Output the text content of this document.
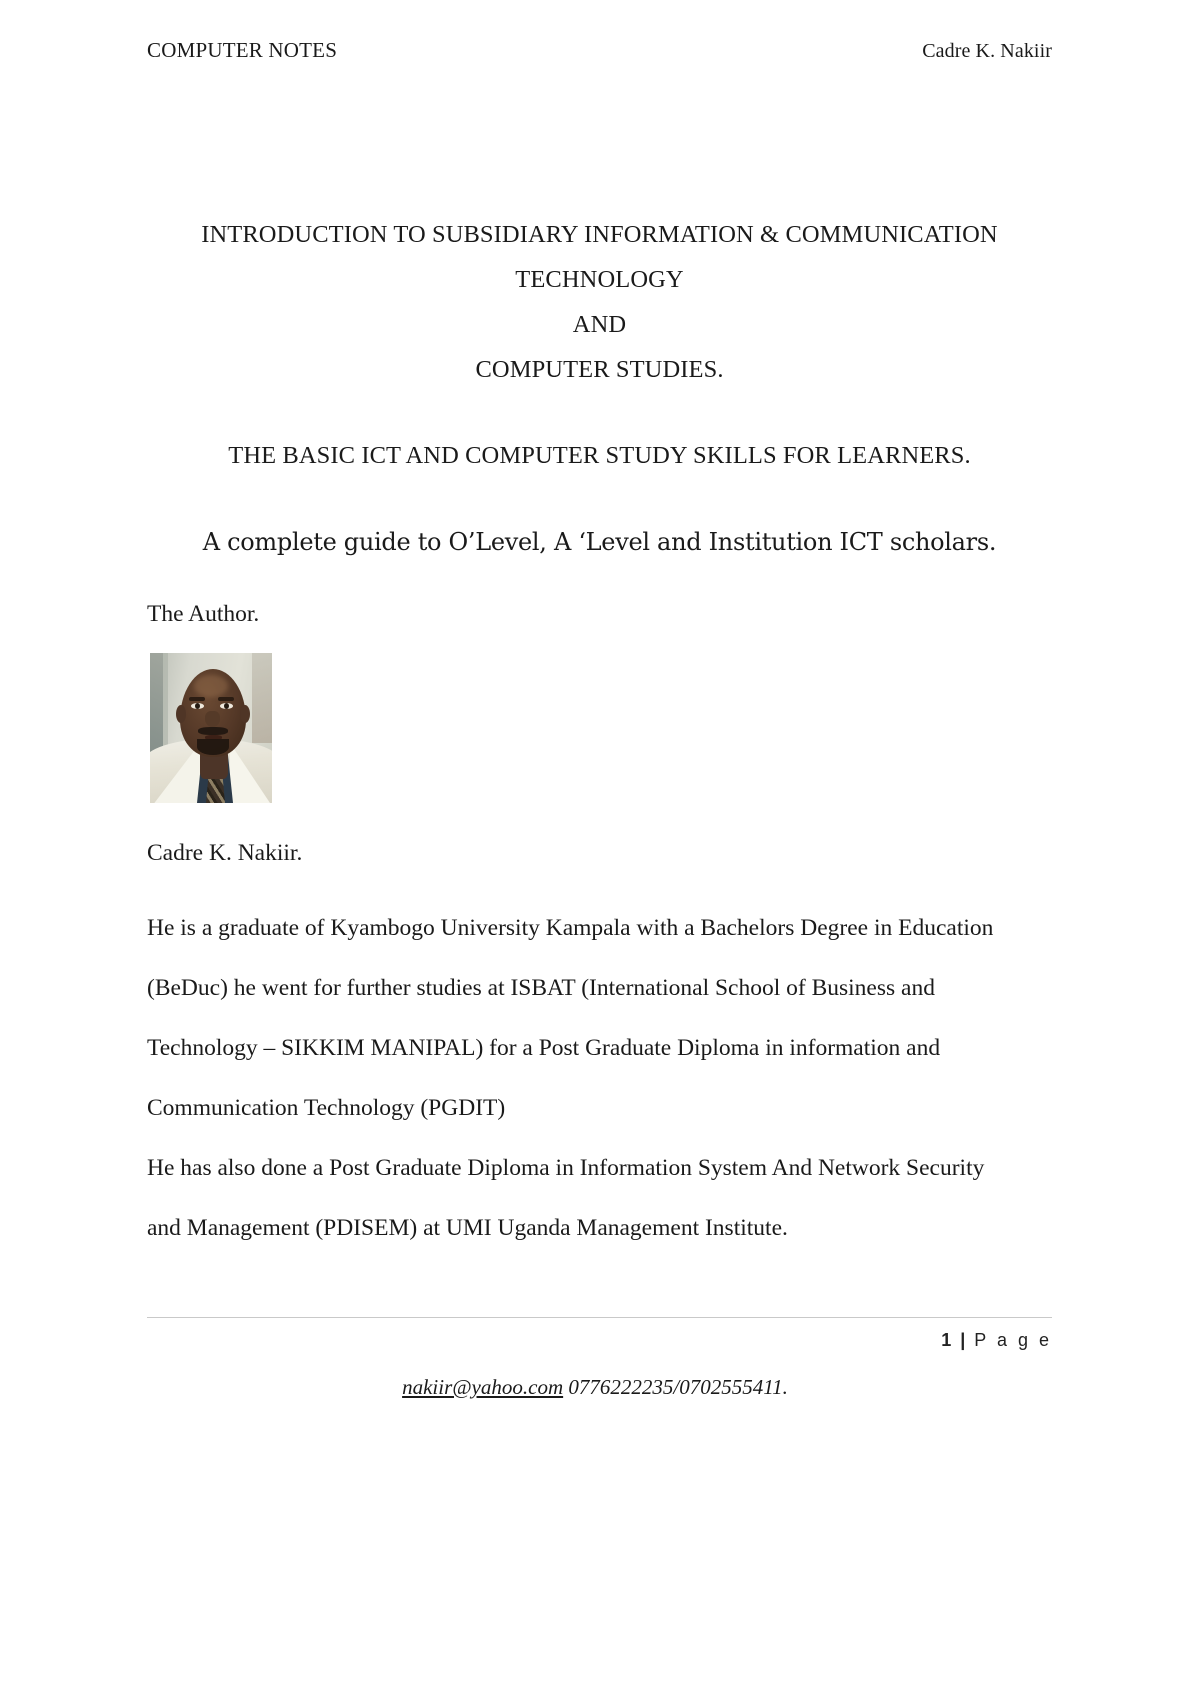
COMPUTER NOTES	Cadre K. Nakiir
INTRODUCTION TO SUBSIDIARY INFORMATION & COMMUNICATION
TECHNOLOGY
AND
COMPUTER STUDIES.
THE BASIC ICT AND COMPUTER STUDY SKILLS FOR LEARNERS.
A complete guide to O’Level, A ‘Level and Institution ICT scholars.
The Author.
Cadre K. Nakiir.

He is a graduate of Kyambogo University Kampala with a Bachelors Degree in Education (BeDuc) he went for further studies at ISBAT (International School of Business and Technology – SIKKIM MANIPAL) for a Post Graduate Diploma in information and Communication Technology (PGDIT)

He has also done a Post Graduate Diploma in Information System And Network Security and Management (PDISEM) at UMI Uganda Management Institute.

1 | P a g e
nakiir@yahoo.com 0776222235/0702555411.
